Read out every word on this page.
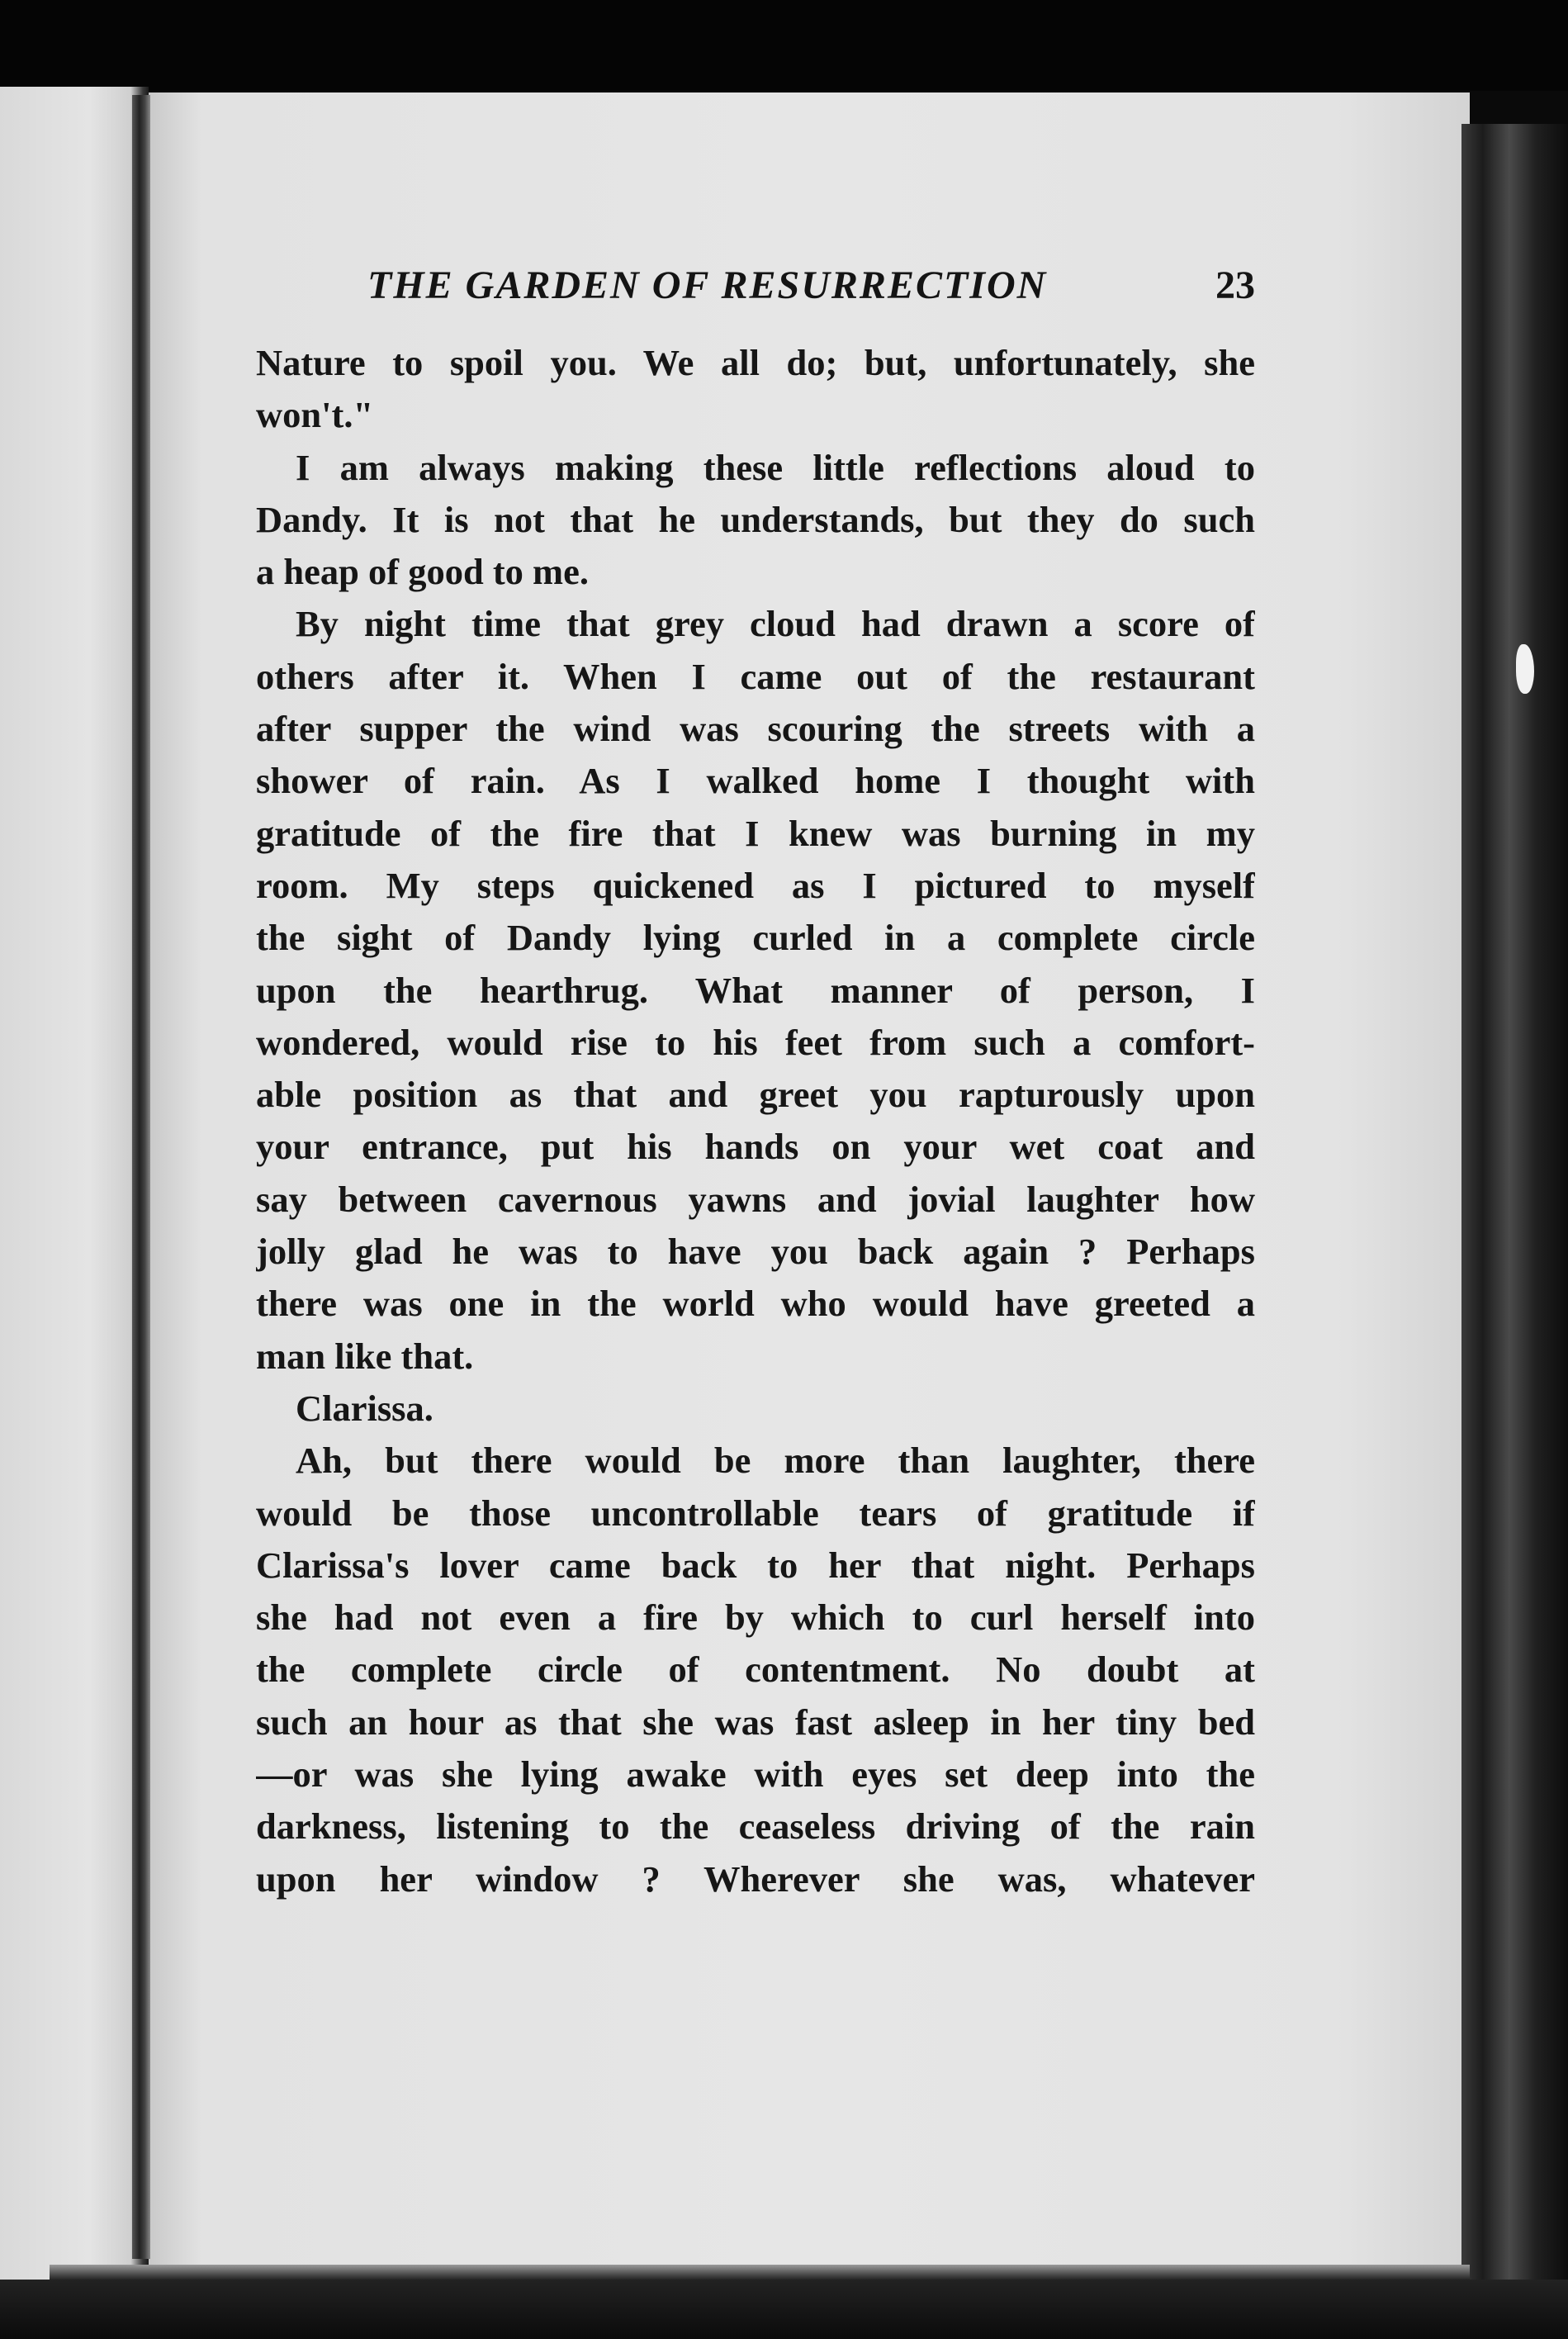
THE GARDEN OF RESURRECTION	23
Nature to spoil you. We all do; but, unfortunately, she
won't."
I am always making these little reflections aloud to
Dandy. It is not that he understands, but they do such
a heap of good to me.
By night time that grey cloud had drawn a score of
others after it. When I came out of the restaurant
after supper the wind was scouring the streets with a
shower of rain. As I walked home I thought with
gratitude of the fire that I knew was burning in my
room. My steps quickened as I pictured to myself
the sight of Dandy lying curled in a complete circle
upon the hearthrug. What manner of person, I
wondered, would rise to his feet from such a comfort-
able position as that and greet you rapturously upon
your entrance, put his hands on your wet coat and
say between cavernous yawns and jovial laughter how
jolly glad he was to have you back again ? Perhaps
there was one in the world who would have greeted a
man like that.
Clarissa.
Ah, but there would be more than laughter, there
would be those uncontrollable tears of gratitude if
Clarissa's lover came back to her that night. Perhaps
she had not even a fire by which to curl herself into
the complete circle of contentment. No doubt at
such an hour as that she was fast asleep in her tiny bed
—or was she lying awake with eyes set deep into the
darkness, listening to the ceaseless driving of the rain
upon her window ? Wherever she was, whatever
